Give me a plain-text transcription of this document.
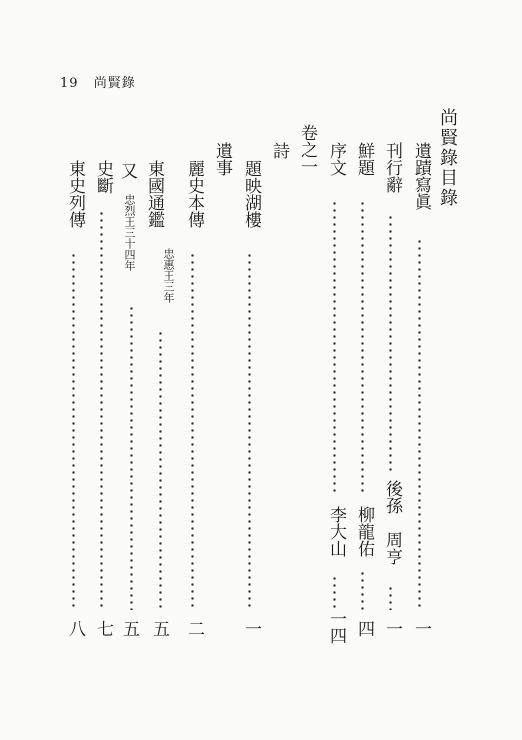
19 尚賢錄
尚賢錄目錄
遺蹟寫眞
一
刊行辭
後孫　周亨
一
鮮題
柳龍佑
四
序文
李大山
一四
卷之一
詩
題映湖樓
一
遺事
麗史本傳
二
東國通鑑
忠惠王三年
五
又
忠烈王三十四年
五
史斷
七
東史列傳
八
